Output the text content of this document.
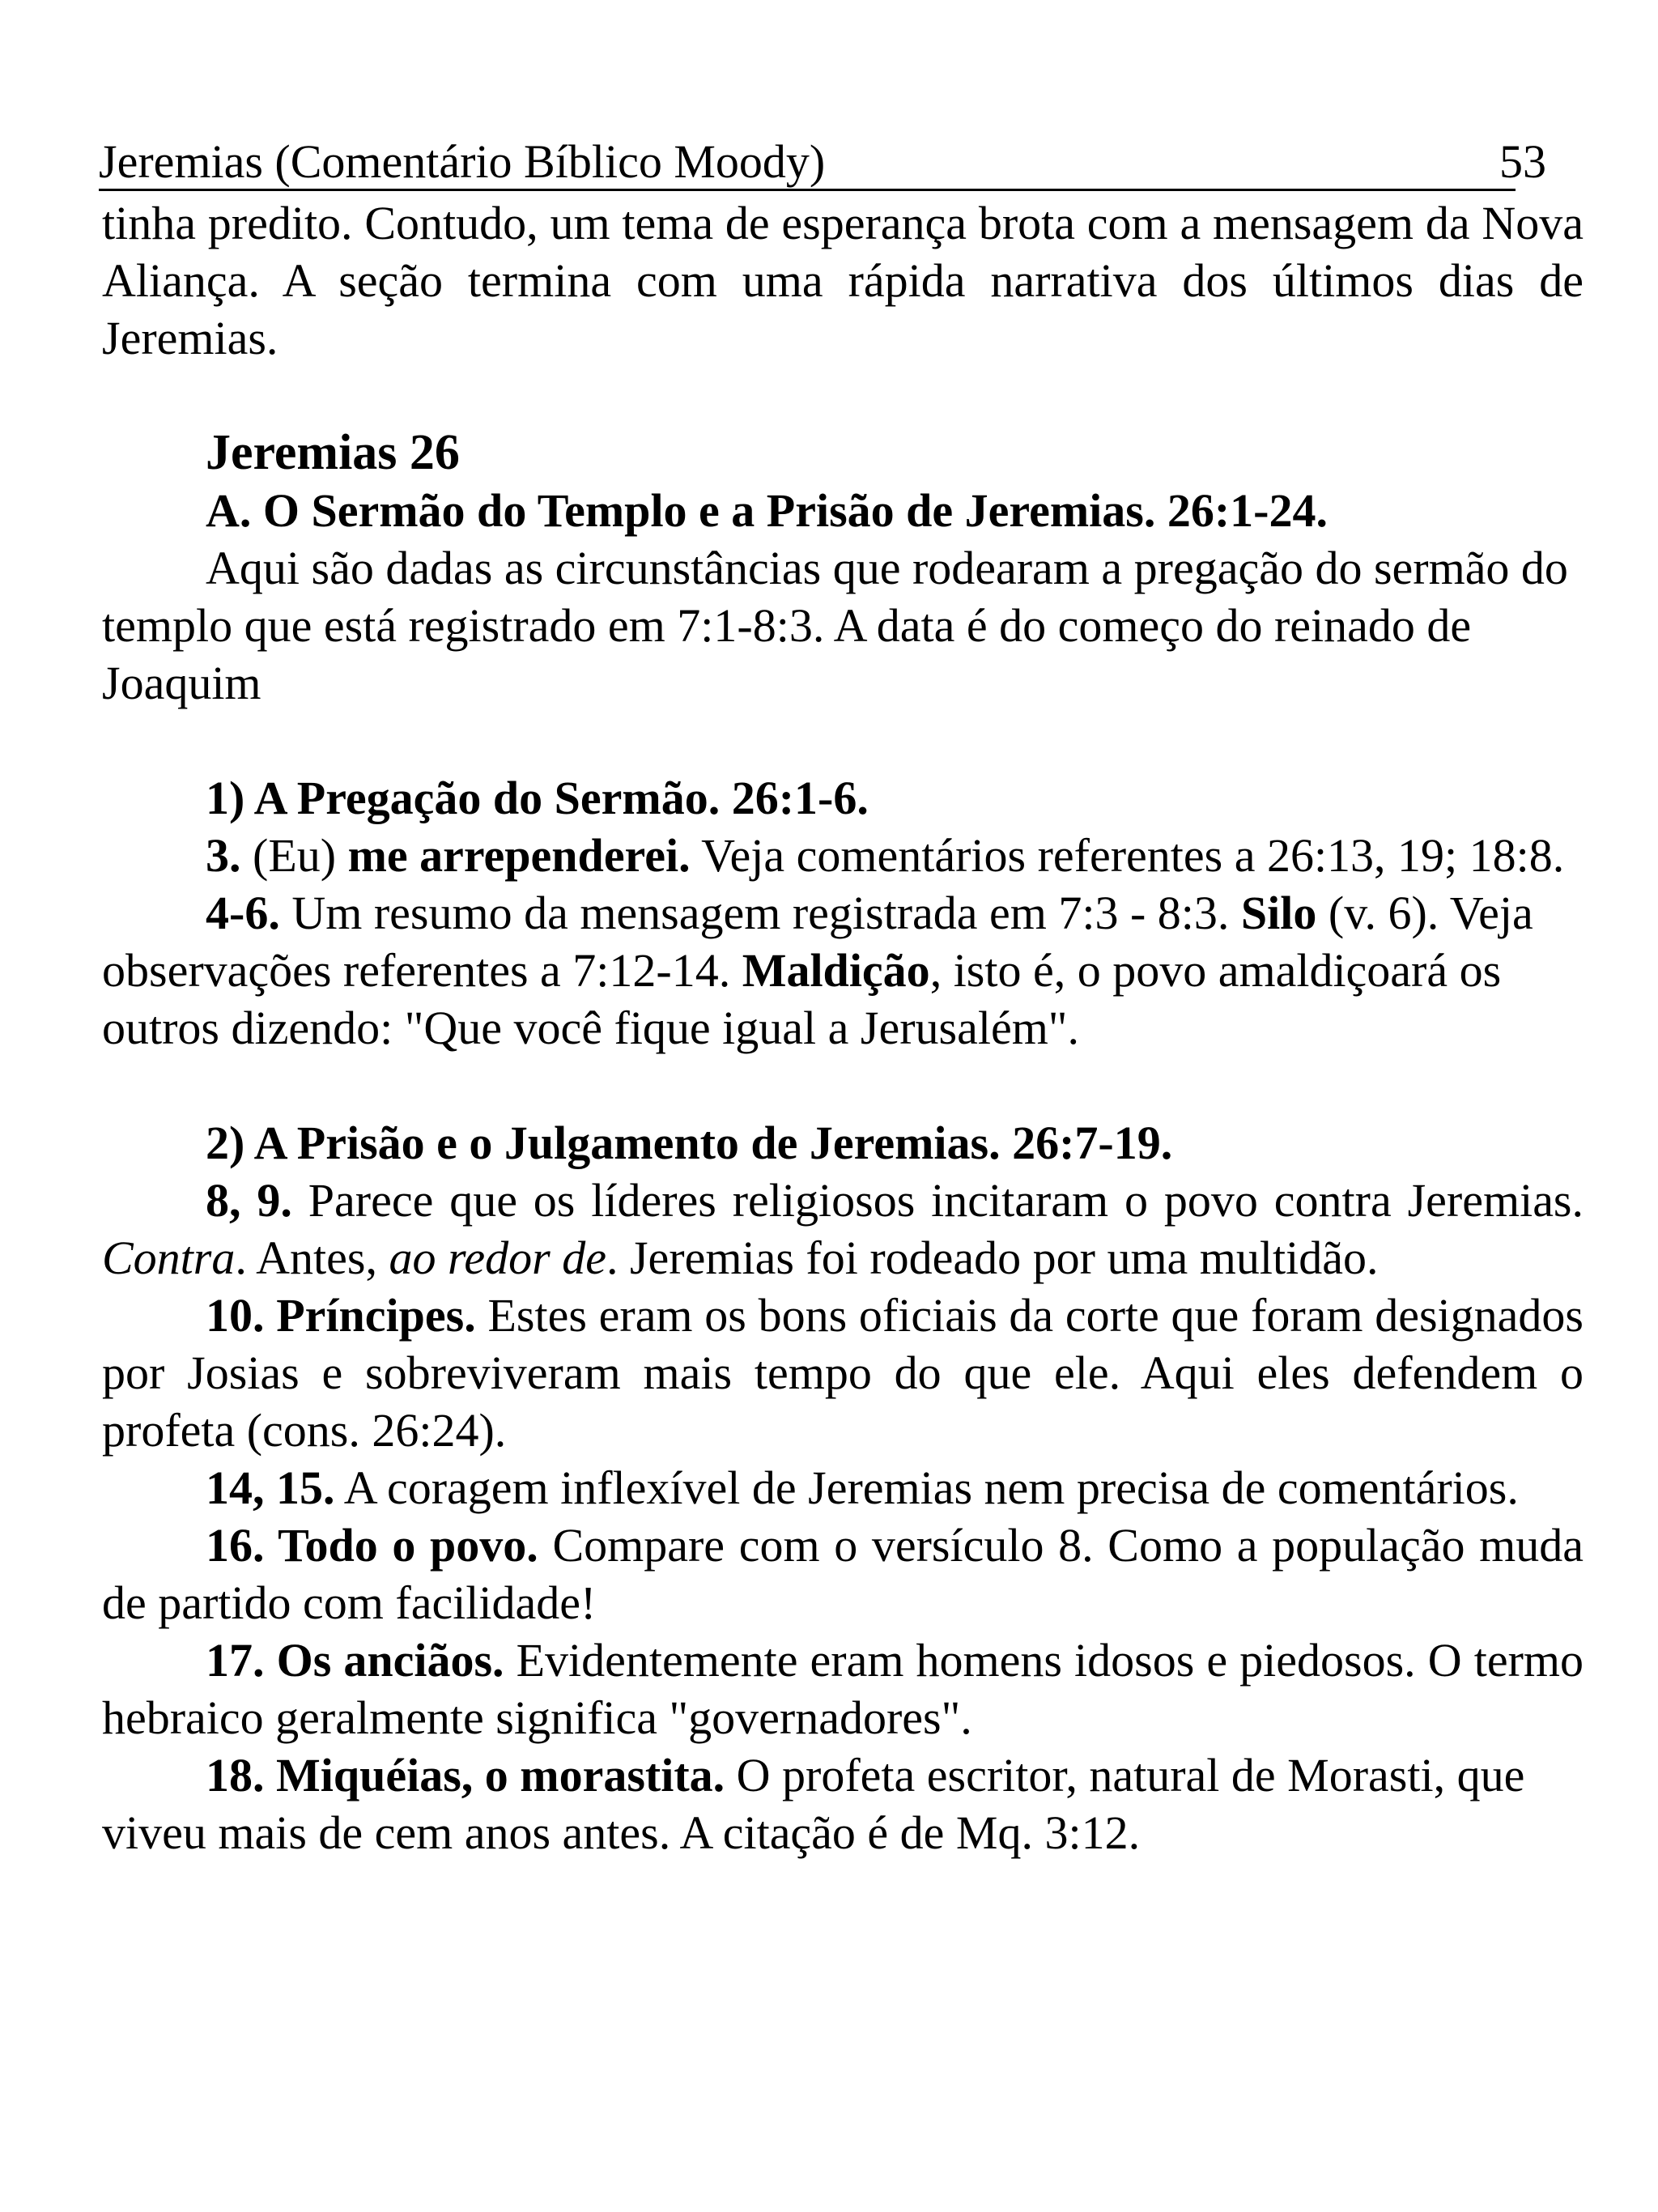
Jeremias (Comentário Bíblico Moody)	53

tinha predito. Contudo, um tema de esperança brota com a mensagem da Nova Aliança. A seção termina com uma rápida narrativa dos últimos dias de Jeremias.

Jeremias 26
A. O Sermão do Templo e a Prisão de Jeremias. 26:1-24.

Aqui são dadas as circunstâncias que rodearam a pregação do sermão do templo que está registrado em 7:1-8:3. A data é do começo do reinado de Joaquim

1) A Pregação do Sermão. 26:1-6.

3. (Eu) me arrependerei. Veja comentários referentes a 26:13, 19; 18:8.

4-6. Um resumo da mensagem registrada em 7:3 - 8:3. Silo (v. 6). Veja observações referentes a 7:12-14. Maldição, isto é, o povo amaldiçoará os outros dizendo: "Que você fique igual a Jerusalém".

2) A Prisão e o Julgamento de Jeremias. 26:7-19.

8, 9. Parece que os líderes religiosos incitaram o povo contra Jeremias. Contra. Antes, ao redor de. Jeremias foi rodeado por uma multidão.

10. Príncipes. Estes eram os bons oficiais da corte que foram designados por Josias e sobreviveram mais tempo do que ele. Aqui eles defendem o profeta (cons. 26:24).

14, 15. A coragem inflexível de Jeremias nem precisa de comentários.

16. Todo o povo. Compare com o versículo 8. Como a população muda de partido com facilidade!

17. Os anciãos. Evidentemente eram homens idosos e piedosos. O termo hebraico geralmente significa "governadores".

18. Miquéias, o morastita. O profeta escritor, natural de Morasti, que viveu mais de cem anos antes. A citação é de Mq. 3:12.
